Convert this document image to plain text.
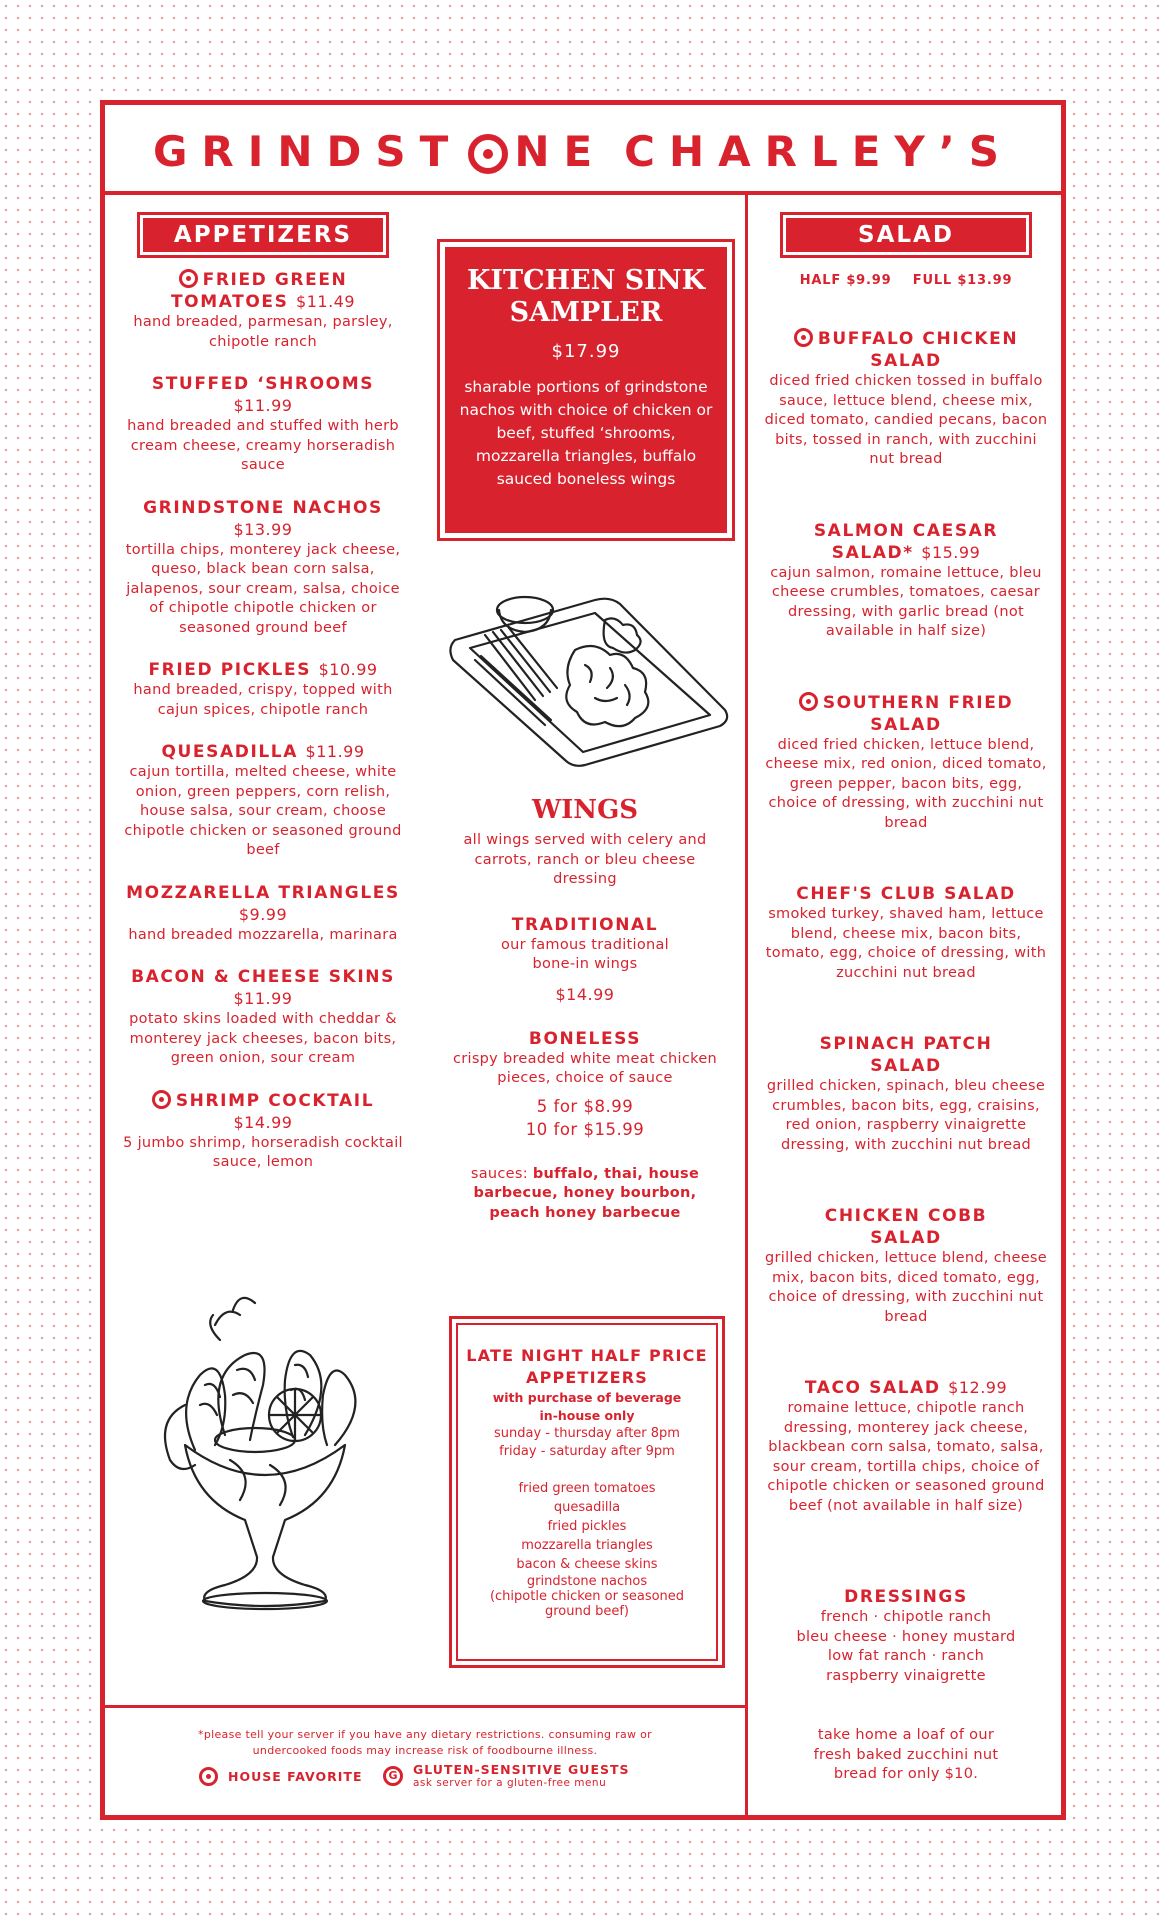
GRINDST NE CHARLEY’S
APPETIZERS
FRIED GREEN TOMATOES $11.49
hand breaded, parmesan, parsley, chipotle ranch
STUFFED ‘SHROOMS $11.99
hand breaded and stuffed with herb cream cheese, creamy horseradish sauce
GRINDSTONE NACHOS
$13.99
tortilla chips, monterey jack cheese, queso, black bean corn salsa, jalapenos, sour cream, salsa, choice of chipotle chipotle chicken or seasoned ground beef
FRIED PICKLES $10.99
hand breaded, crispy, topped with cajun spices, chipotle ranch
QUESADILLA $11.99
cajun tortilla, melted cheese, white onion, green peppers, corn relish, house salsa, sour cream, choose chipotle chicken or seasoned ground beef
MOZZARELLA TRIANGLES $9.99
hand breaded mozzarella, marinara
BACON & CHEESE SKINS $11.99
potato skins loaded with cheddar & monterey jack cheeses, bacon bits, green onion, sour cream
SHRIMP COCKTAIL
$14.99
5 jumbo shrimp, horseradish cocktail sauce, lemon
KITCHEN SINK SAMPLER
$17.99
sharable portions of grindstone nachos with choice of chicken or beef, stuffed ‘shrooms, mozzarella triangles, buffalo sauced boneless wings
WINGS
all wings served with celery and carrots, ranch or bleu cheese dressing
TRADITIONAL
our famous traditional bone-in wings
$14.99
BONELESS
crispy breaded white meat chicken pieces, choice of sauce
5 for $8.99
10 for $15.99
sauces: buffalo, thai, house barbecue, honey bourbon, peach honey barbecue
LATE NIGHT HALF PRICE APPETIZERS
with purchase of beverage in-house only
sunday - thursday after 8pm
friday - saturday after 9pm
fried green tomatoes
quesadilla
fried pickles
mozzarella triangles
bacon & cheese skins
grindstone nachos
(chipotle chicken or seasoned ground beef)
*please tell your server if you have any dietary restrictions. consuming raw or undercooked foods may increase risk of foodbourne illness.
HOUSE FAVORITE	G	GLUTEN-SENSITIVE GUESTS
ask server for a gluten-free menu
SALAD
HALF $9.99 FULL $13.99
BUFFALO CHICKEN SALAD
diced fried chicken tossed in buffalo sauce, lettuce blend, cheese mix, diced tomato, candied pecans, bacon bits, tossed in ranch, with zucchini nut bread
SALMON CAESAR SALAD* $15.99
cajun salmon, romaine lettuce, bleu cheese crumbles, tomatoes, caesar dressing, with garlic bread (not available in half size)
SOUTHERN FRIED SALAD
diced fried chicken, lettuce blend, cheese mix, red onion, diced tomato, green pepper, bacon bits, egg, choice of dressing, with zucchini nut bread
CHEF'S CLUB SALAD
smoked turkey, shaved ham, lettuce blend, cheese mix, bacon bits, tomato, egg, choice of dressing, with zucchini nut bread
SPINACH PATCH SALAD
grilled chicken, spinach, bleu cheese crumbles, bacon bits, egg, craisins, red onion, raspberry vinaigrette dressing, with zucchini nut bread
CHICKEN COBB SALAD
grilled chicken, lettuce blend, cheese mix, bacon bits, diced tomato, egg, choice of dressing, with zucchini nut bread
TACO SALAD $12.99
romaine lettuce, chipotle ranch dressing, monterey jack cheese, blackbean corn salsa, tomato, salsa, sour cream, tortilla chips, choice of chipotle chicken or seasoned ground beef (not available in half size)
DRESSINGS
french · chipotle ranch
bleu cheese · honey mustard
low fat ranch · ranch
raspberry vinaigrette
take home a loaf of our fresh baked zucchini nut bread for only $10.
